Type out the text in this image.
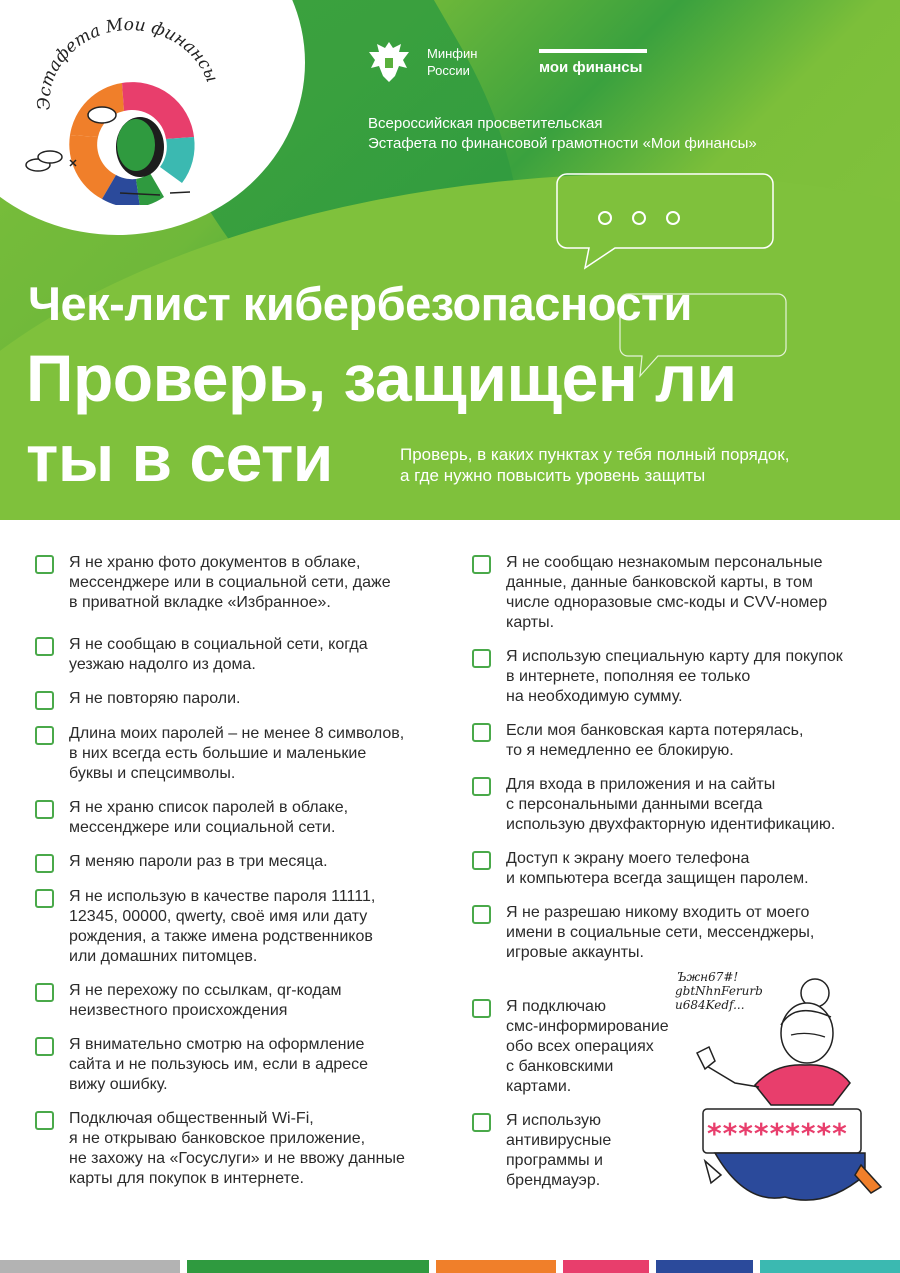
Эстафета Мои финансы
Минфин
России	мои финансы
Всероссийская просветительская
Эстафета по финансовой грамотности «Мои финансы»
Чек-лист кибербезопасности
Проверь, защищен ли
ты в сети	Проверь, в каких пунктах у тебя полный порядок,
а где нужно повысить уровень защиты
Я не храню фото документов в облаке,
мессенджере или в социальной сети, даже
в приватной вкладке «Избранное».
Я не сообщаю в социальной сети, когда
уезжаю надолго из дома.
Я не повторяю пароли.
Длина моих паролей – не менее 8 символов,
в них всегда есть большие и маленькие
буквы и спецсимволы.
Я не храню список паролей в облаке,
мессенджере или социальной сети.
Я меняю пароли раз в три месяца.
Я не использую в качестве пароля 11111,
12345, 00000, qwerty, своё имя или дату
рождения, а также имена родственников
или домашних питомцев.
Я не перехожу по ссылкам, qr-кодам
неизвестного происхождения
Я внимательно смотрю на оформление
сайта и не пользуюсь им, если в адресе
вижу ошибку.
Подключая общественный Wi-Fi,
я не открываю банковское приложение,
не захожу на «Госуслуги» и не ввожу данные
карты для покупок в интернете.
Я не сообщаю незнакомым персональные
данные, данные банковской карты, в том
числе одноразовые смс-коды и CVV-номер
карты.
Я использую специальную карту для покупок
в интернете, пополняя ее только
на необходимую сумму.
Если моя банковская карта потерялась,
то я немедленно ее блокирую.
Для входа в приложения и на сайты
с персональными данными всегда
использую двухфакторную идентификацию.
Доступ к экрану моего телефона
и компьютера всегда защищен паролем.
Я не разрешаю никому входить от моего
имени в социальные сети, мессенджеры,
игровые аккаунты.
Я подключаю
смс-информирование
обо всех операциях
с банковскими
картами.
Я использую
антивирусные
программы и
брендмауэр.
Ъжн67#!
gbtNhnFerurb
u684Kedf...
*********
